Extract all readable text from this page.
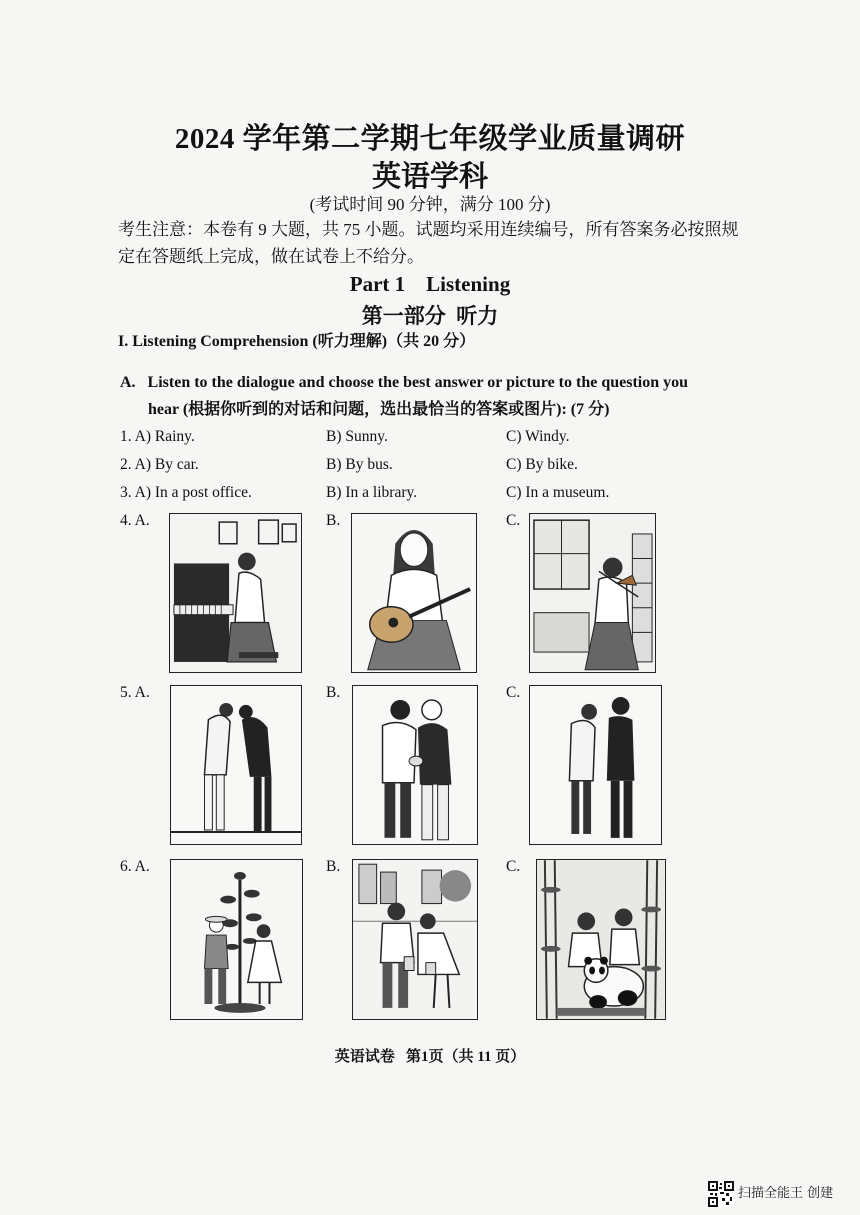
2024 学年第二学期七年级学业质量调研
英语学科
(考试时间 90 分钟，满分 100 分)
考生注意：本卷有 9 大题，共 75 小题。试题均采用连续编号，所有答案务必按照规
定在答题纸上完成，做在试卷上不给分。
Part 1    Listening
第一部分  听力
I. Listening Comprehension (听力理解)（共 20 分）
A.   Listen to the dialogue and choose the best answer or picture to the question you
hear (根据你听到的对话和问题，选出最恰当的答案或图片): (7 分)
1. A) Rainy.	B) Sunny.	C) Windy.
2. A) By car.	B) By bus.	C) By bike.
3. A) In a post office.	B) In a library.	C) In a museum.
4. A.	B.	C.
5. A.	B.	C.
6. A.	B.	C.
英语试卷   第1页（共 11 页）
扫描全能王 创建
